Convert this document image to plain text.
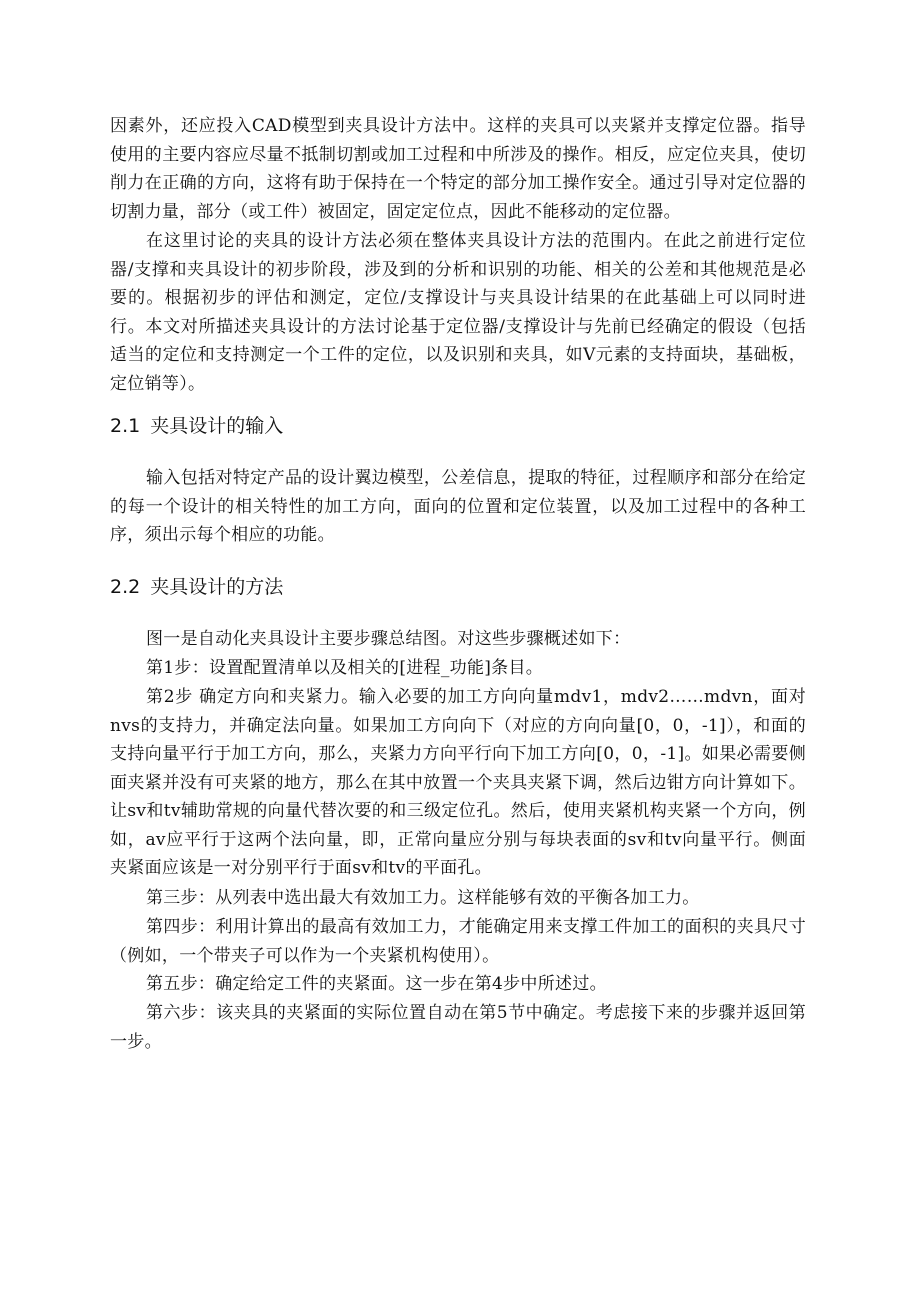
因素外，还应投入CAD模型到夹具设计方法中。这样的夹具可以夹紧并支撑定位器。指导使用的主要内容应尽量不抵制切割或加工过程和中所涉及的操作。相反，应定位夹具，使切削力在正确的方向，这将有助于保持在一个特定的部分加工操作安全。通过引导对定位器的切割力量，部分（或工件）被固定，固定定位点，因此不能移动的定位器。

在这里讨论的夹具的设计方法必须在整体夹具设计方法的范围内。在此之前进行定位器/支撑和夹具设计的初步阶段，涉及到的分析和识别的功能、相关的公差和其他规范是必要的。根据初步的评估和测定，定位/支撑设计与夹具设计结果的在此基础上可以同时进行。本文对所描述夹具设计的方法讨论基于定位器/支撑设计与先前已经确定的假设（包括适当的定位和支持测定一个工件的定位，以及识别和夹具，如V元素的支持面块，基础板，定位销等）。

2.1 夹具设计的输入

输入包括对特定产品的设计翼边模型，公差信息，提取的特征，过程顺序和部分在给定的每一个设计的相关特性的加工方向，面向的位置和定位装置，以及加工过程中的各种工序，须出示每个相应的功能。

2.2 夹具设计的方法

图一是自动化夹具设计主要步骤总结图。对这些步骤概述如下：

第1步：设置配置清单以及相关的[进程_功能]条目。

第2步 确定方向和夹紧力。输入必要的加工方向向量mdv1，mdv2……mdvn，面对nvs的支持力，并确定法向量。如果加工方向向下（对应的方向向量[0，0，-1]），和面的支持向量平行于加工方向，那么，夹紧力方向平行向下加工方向[0，0，-1]。如果必需要侧面夹紧并没有可夹紧的地方，那么在其中放置一个夹具夹紧下调，然后边钳方向计算如下。让sv和tv辅助常规的向量代替次要的和三级定位孔。然后，使用夹紧机构夹紧一个方向，例如，av应平行于这两个法向量，即，正常向量应分别与每块表面的sv和tv向量平行。侧面夹紧面应该是一对分别平行于面sv和tv的平面孔。

第三步：从列表中选出最大有效加工力。这样能够有效的平衡各加工力。

第四步：利用计算出的最高有效加工力，才能确定用来支撑工件加工的面积的夹具尺寸（例如，一个带夹子可以作为一个夹紧机构使用）。

第五步：确定给定工件的夹紧面。这一步在第4步中所述过。

第六步：该夹具的夹紧面的实际位置自动在第5节中确定。考虑接下来的步骤并返回第一步。
